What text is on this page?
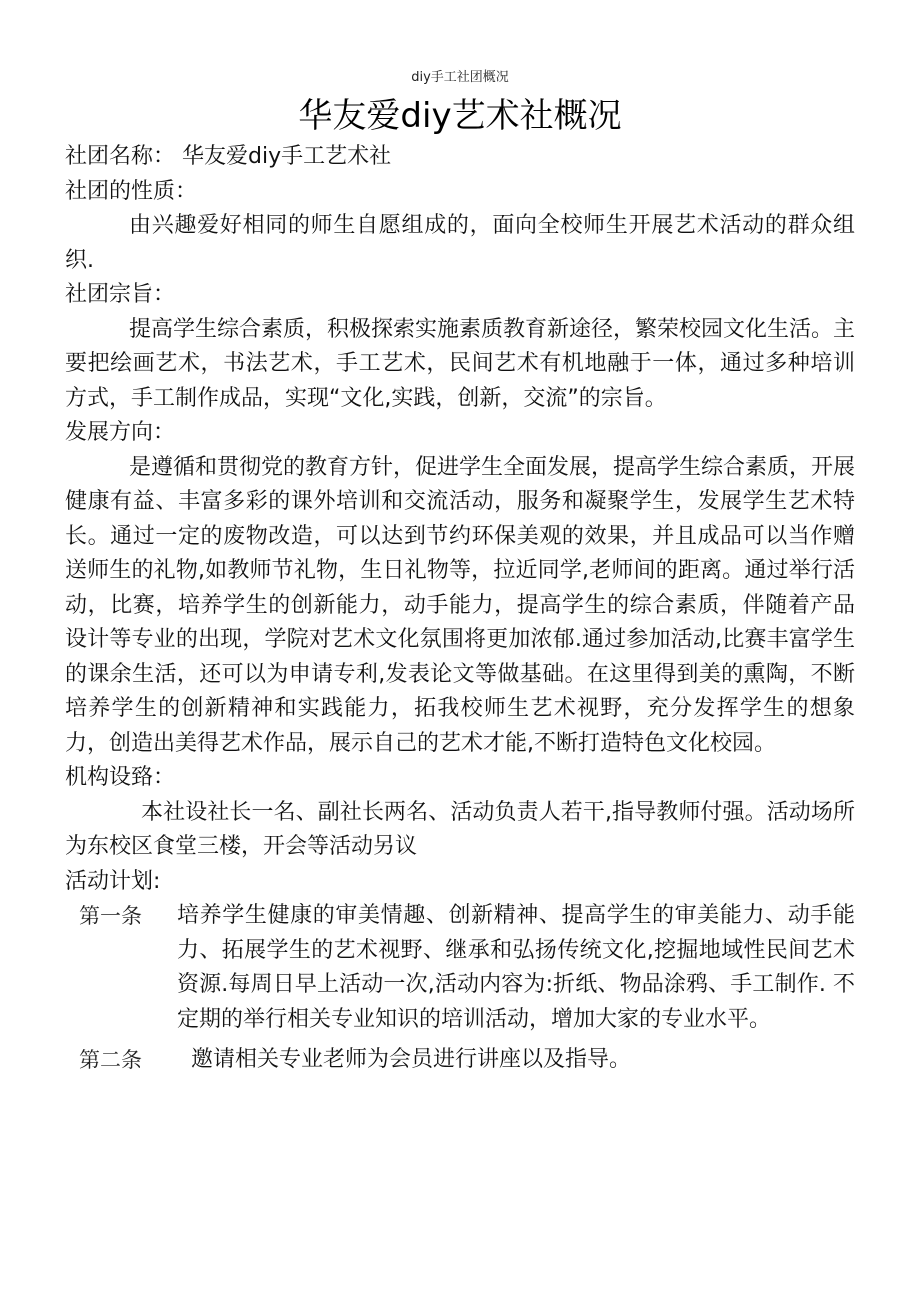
diy手工社团概况
华友爱diy艺术社概况

社团名称： 华友爱diy手工艺术社

社团的性质：

由兴趣爱好相同的师生自愿组成的，面向全校师生开展艺术活动的群众组织.

社团宗旨：

提高学生综合素质，积极探索实施素质教育新途径，繁荣校园文化生活。主要把绘画艺术，书法艺术，手工艺术，民间艺术有机地融于一体，通过多种培训方式，手工制作成品，实现“文化,实践，创新，交流”的宗旨。

发展方向：

是遵循和贯彻党的教育方针，促进学生全面发展，提高学生综合素质，开展健康有益、丰富多彩的课外培训和交流活动，服务和凝聚学生，发展学生艺术特长。通过一定的废物改造，可以达到节约环保美观的效果，并且成品可以当作赠送师生的礼物,如教师节礼物，生日礼物等，拉近同学,老师间的距离。通过举行活动，比赛，培养学生的创新能力，动手能力，提高学生的综合素质，伴随着产品设计等专业的出现，学院对艺术文化氛围将更加浓郁.通过参加活动,比赛丰富学生的课余生活，还可以为申请专利,发表论文等做基础。在这里得到美的熏陶，不断培养学生的创新精神和实践能力，拓我校师生艺术视野，充分发挥学生的想象力，创造出美得艺术作品，展示自己的艺术才能,不断打造特色文化校园。

机构设臵：

本社设社长一名、副社长两名、活动负责人若干,指导教师付强。活动场所为东校区食堂三楼，开会等活动另议

活动计划:

第一条	培养学生健康的审美情趣、创新精神、提高学生的审美能力、动手能力、拓展学生的艺术视野、继承和弘扬传统文化,挖掘地域性民间艺术资源.每周日早上活动一次,活动内容为:折纸、物品涂鸦、手工制作. 不定期的举行相关专业知识的培训活动，增加大家的专业水平。
第二条	邀请相关专业老师为会员进行讲座以及指导。
